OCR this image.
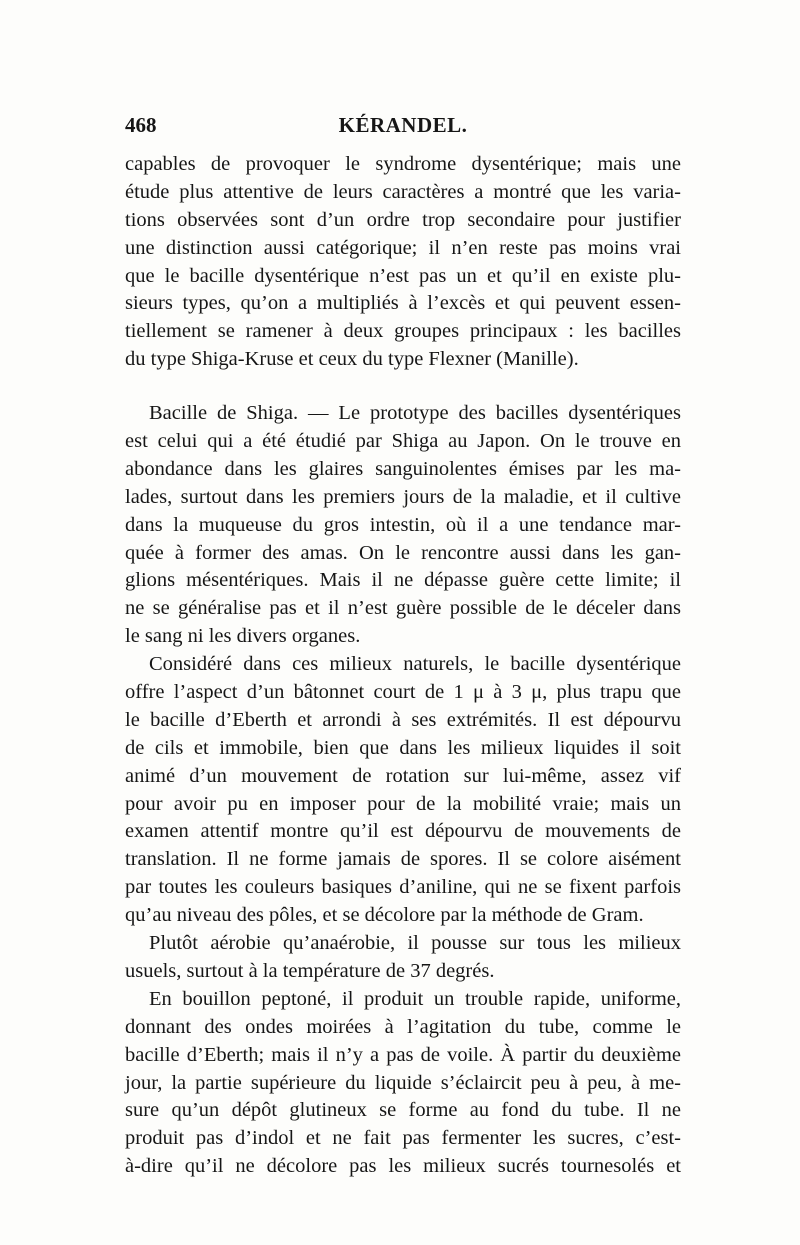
468	KÉRANDEL.
capables de provoquer le syndrome dysentérique; mais une
étude plus attentive de leurs caractères a montré que les varia-
tions observées sont d’un ordre trop secondaire pour justifier
une distinction aussi catégorique; il n’en reste pas moins vrai
que le bacille dysentérique n’est pas un et qu’il en existe plu-
sieurs types, qu’on a multipliés à l’excès et qui peuvent essen-
tiellement se ramener à deux groupes principaux : les bacilles
du type Shiga-Kruse et ceux du type Flexner (Manille).
Bacille de Shiga. — Le prototype des bacilles dysentériques
est celui qui a été étudié par Shiga au Japon. On le trouve en
abondance dans les glaires sanguinolentes émises par les ma-
lades, surtout dans les premiers jours de la maladie, et il cultive
dans la muqueuse du gros intestin, où il a une tendance mar-
quée à former des amas. On le rencontre aussi dans les gan-
glions mésentériques. Mais il ne dépasse guère cette limite; il
ne se généralise pas et il n’est guère possible de le déceler dans
le sang ni les divers organes.
Considéré dans ces milieux naturels, le bacille dysentérique
offre l’aspect d’un bâtonnet court de 1 μ à 3 μ, plus trapu que
le bacille d’Eberth et arrondi à ses extrémités. Il est dépourvu
de cils et immobile, bien que dans les milieux liquides il soit
animé d’un mouvement de rotation sur lui-même, assez vif
pour avoir pu en imposer pour de la mobilité vraie; mais un
examen attentif montre qu’il est dépourvu de mouvements de
translation. Il ne forme jamais de spores. Il se colore aisément
par toutes les couleurs basiques d’aniline, qui ne se fixent parfois
qu’au niveau des pôles, et se décolore par la méthode de Gram.
Plutôt aérobie qu’anaérobie, il pousse sur tous les milieux
usuels, surtout à la température de 37 degrés.
En bouillon peptoné, il produit un trouble rapide, uniforme,
donnant des ondes moirées à l’agitation du tube, comme le
bacille d’Eberth; mais il n’y a pas de voile. À partir du deuxième
jour, la partie supérieure du liquide s’éclaircit peu à peu, à me-
sure qu’un dépôt glutineux se forme au fond du tube. Il ne
produit pas d’indol et ne fait pas fermenter les sucres, c’est-
à-dire qu’il ne décolore pas les milieux sucrés tournesolés et
